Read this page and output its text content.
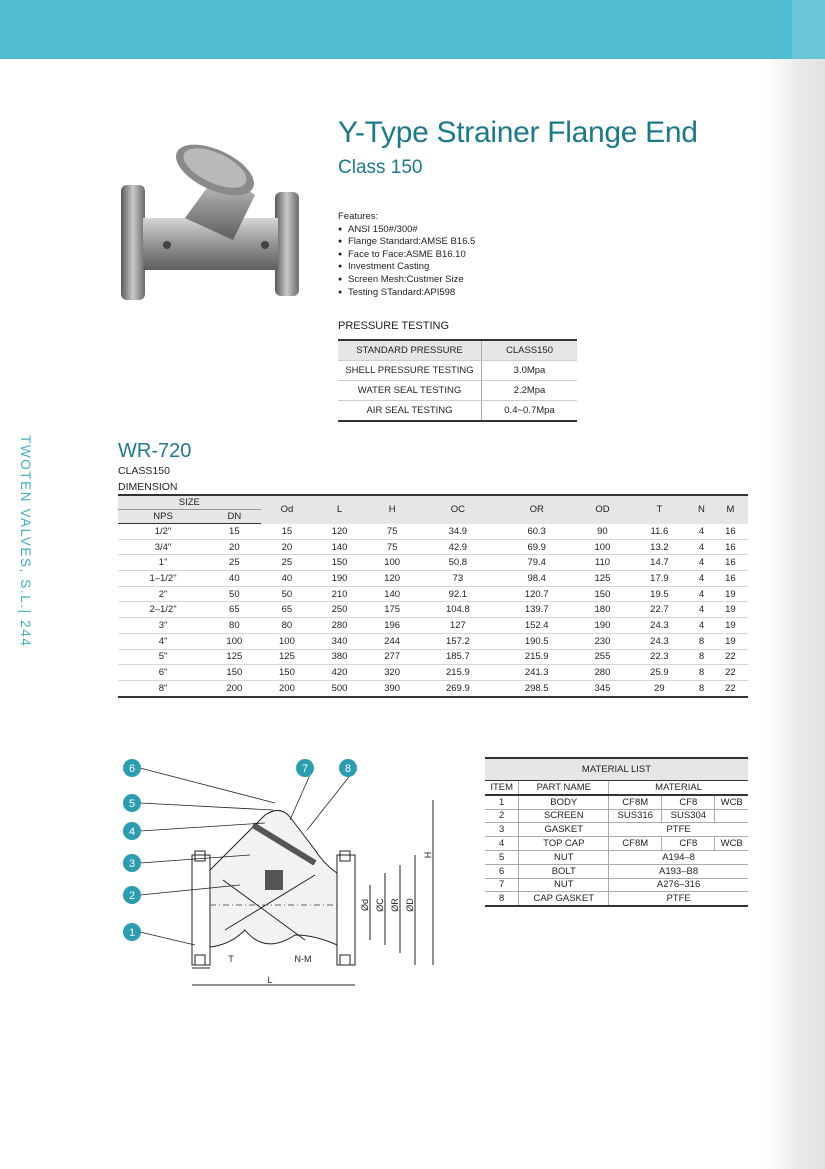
TWOTEN VALVES, S.L.| 244
Y-Type Strainer Flange End
Class 150
Features:
● ANSI 150#/300#
● Flange Standard:AMSE B16.5
● Face to Face:ASME B16.10
● Investment Casting
● Screen Mesh:Custmer Size
● Testing STandard:API598
PRESSURE TESTING
STANDARD PRESSURE	CLASS150
SHELL PRESSURE TESTING	3.0Mpa
WATER SEAL TESTING	2.2Mpa
AIR SEAL TESTING	0.4~0.7Mpa
WR-720
CLASS150
DIMENSION
SIZE		Od	L	H	OC	OR	OD	T	N	M
NPS	DN									
1/2"	15	15	120	75	34.9	60.3	90	11.6	4	16
3/4"	20	20	140	75	42.9	69.9	100	13.2	4	16
1"	25	25	150	100	50.8	79.4	110	14.7	4	16
1–1/2"	40	40	190	120	73	98.4	125	17.9	4	16
2"	50	50	210	140	92.1	120.7	150	19.5	4	19
2–1/2"	65	65	250	175	104.8	139.7	180	22.7	4	19
3"	80	80	280	196	127	152.4	190	24.3	4	19
4"	100	100	340	244	157.2	190.5	230	24.3	8	19
5"	125	125	380	277	185.7	215.9	255	22.3	8	22
6"	150	150	420	320	215.9	241.3	280	25.9	8	22
8"	200	200	500	390	269.9	298.5	345	29	8	22
6
5
4
3
2
1
7	8
T
L
N-M
H
Ød ØC ØR ØD
MATERIAL LIST				
ITEM	PART NAME	MATERIAL		
1	BODY	CF8M	CF8	WCB
2	SCREEN	SUS316	SUS304	
3	GASKET	PTFE		
4	TOP CAP	CF8M	CF8	WCB
5	NUT	A194–8		
6	BOLT	A193–B8		
7	NUT	A276–316		
8	CAP GASKET	PTFE		
